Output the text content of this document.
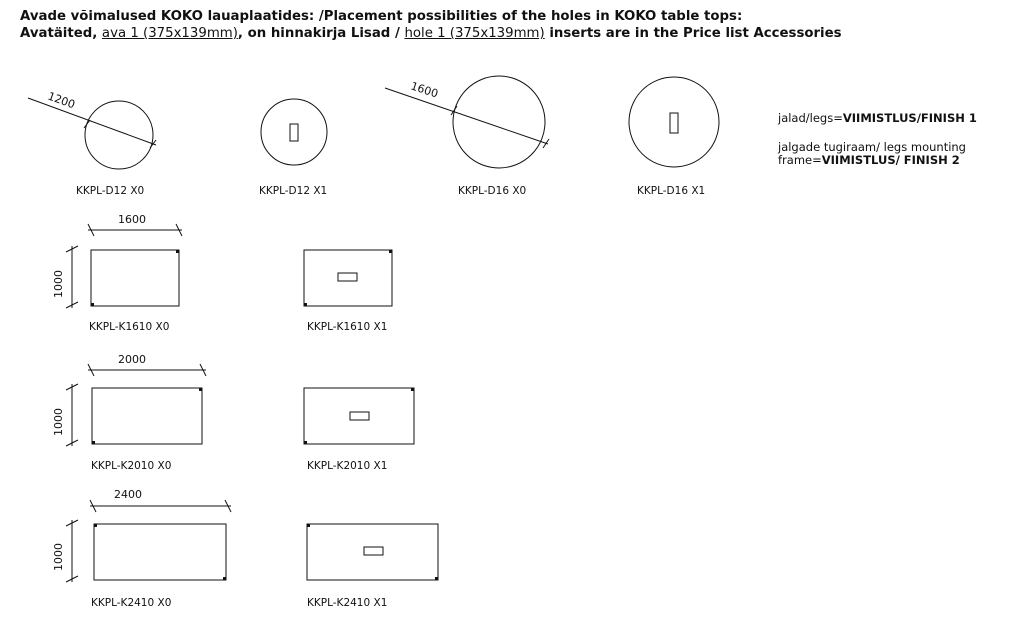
Avade võimalused KOKO lauaplaatides: /Placement possibilities of the holes in KOKO table tops:
Avatäited, ava 1 (375x139mm), on hinnakirja Lisad / hole 1 (375x139mm) inserts are in the Price list Accessories
1200	1600
1600
2000
2400
1000
1000
1000
KKPL-D12 X0	KKPL-D12 X1	KKPL-D16 X0	KKPL-D16 X1
KKPL-K1610 X0	KKPL-K1610 X1
KKPL-K2010 X0	KKPL-K2010 X1
KKPL-K2410 X0	KKPL-K2410 X1
jalad/legs=VIIMISTLUS/FINISH 1
jalgade tugiraam/ legs mounting
frame=VIIMISTLUS/ FINISH 2
